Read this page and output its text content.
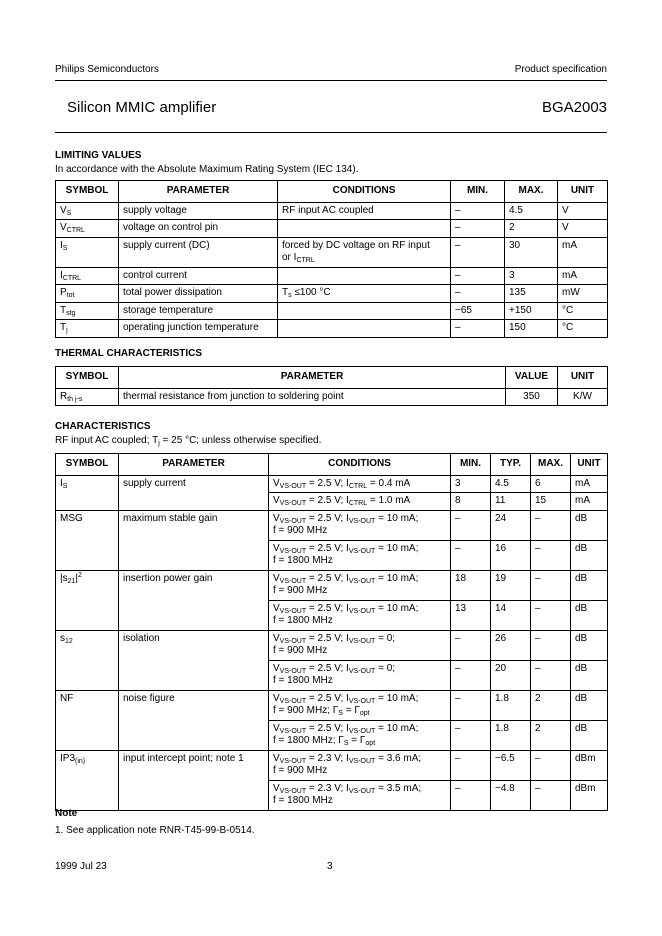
Philips Semiconductors	Product specification
Silicon MMIC amplifier	BGA2003
LIMITING VALUES
In accordance with the Absolute Maximum Rating System (IEC 134).
SYMBOL	PARAMETER	CONDITIONS	MIN.	MAX.	UNIT
$V_S$	supply voltage	RF input AC coupled	–	4.5	V
$V_{CTRL}$	voltage on control pin		–	2	V
$I_S$	supply current (DC)	forced by DC voltage on RF input
or $I_{CTRL}$	–	30	mA
$I_{CTRL}$	control current		–	3	mA
$P_{tot}$	total power dissipation	$T_s \le 100$ °C	–	135	mW
$T_{stg}$	storage temperature		−65	+150	°C
$T_j$	operating junction temperature		–	150	°C
THERMAL CHARACTERISTICS
SYMBOL	PARAMETER	VALUE	UNIT
$R_{th j-s}$	thermal resistance from junction to soldering point	350	K/W
CHARACTERISTICS
RF input AC coupled; $T_j = 25$ °C; unless otherwise specified.
SYMBOL	PARAMETER	CONDITIONS	MIN.	TYP.	MAX.	UNIT
$I_S$	supply current	$V_{VS-OUT} = 2.5$ V; $I_{CTRL} = 0.4$ mA	3	4.5	6	mA
		$V_{VS-OUT} = 2.5$ V; $I_{CTRL} = 1.0$ mA	8	11	15	mA
MSG	maximum stable gain	$V_{VS-OUT} = 2.5$ V; $I_{VS-OUT} = 10$ mA;
f = 900 MHz	–	24	–	dB
		$V_{VS-OUT} = 2.5$ V; $I_{VS-OUT} = 10$ mA;
f = 1800 MHz	–	16	–	dB
$|s_{21}|^2$	insertion power gain	$V_{VS-OUT} = 2.5$ V; $I_{VS-OUT} = 10$ mA;
f = 900 MHz	18	19	–	dB
		$V_{VS-OUT} = 2.5$ V; $I_{VS-OUT} = 10$ mA;
f = 1800 MHz	13	14	–	dB
$s_{12}$	isolation	$V_{VS-OUT} = 2.5$ V; $I_{VS-OUT} = 0$;
f = 900 MHz	–	26	–	dB
		$V_{VS-OUT} = 2.5$ V; $I_{VS-OUT} = 0$;
f = 1800 MHz	–	20	–	dB
NF	noise figure	$V_{VS-OUT} = 2.5$ V; $I_{VS-OUT} = 10$ mA;
f = 900 MHz; $\Gamma_S = \Gamma_{opt}$	–	1.8	2	dB
		$V_{VS-OUT} = 2.5$ V; $I_{VS-OUT} = 10$ mA;
f = 1800 MHz; $\Gamma_S = \Gamma_{opt}$	–	1.8	2	dB
$IP3_{(in)}$	input intercept point; note 1	$V_{VS-OUT} = 2.3$ V; $I_{VS-OUT} = 3.6$ mA;
f = 900 MHz	–	−6.5	–	dBm
		$V_{VS-OUT} = 2.3$ V; $I_{VS-OUT} = 3.5$ mA;
f = 1800 MHz	–	−4.8	–	dBm
Note
1. See application note RNR-T45-99-B-0514.
1999 Jul 23	3
